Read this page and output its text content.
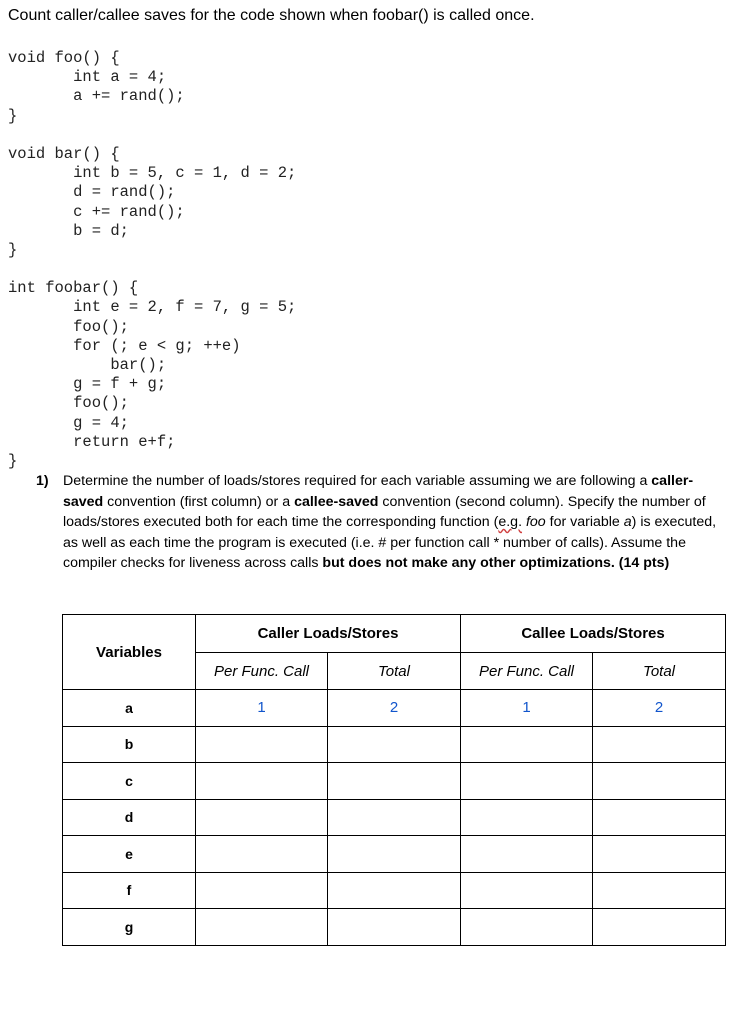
Count caller/callee saves for the code shown when foobar() is called once.
void foo() {
int a = 4;
a += rand();
}
void bar() {
int b = 5, c = 1, d = 2;
d = rand();
c += rand();
b = d;
}
int foobar() {
int e = 2, f = 7, g = 5;
foo();
for (; e < g; ++e)
bar();
g = f + g;
foo();
g = 4;
return e+f;
}
1) Determine the number of loads/stores required for each variable assuming we are following a caller-saved convention (first column) or a callee-saved convention (second column). Specify the number of loads/stores executed both for each time the corresponding function (e.g. foo for variable a) is executed, as well as each time the program is executed (i.e. # per function call * number of calls). Assume the compiler checks for liveness across calls but does not make any other optimizations. (14 pts)
Variables	Caller Loads/Stores		Callee Loads/Stores	
	Per Func. Call	Total	Per Func. Call	Total
a	1	2	1	2
b				
c				
d				
e				
f				
g				
